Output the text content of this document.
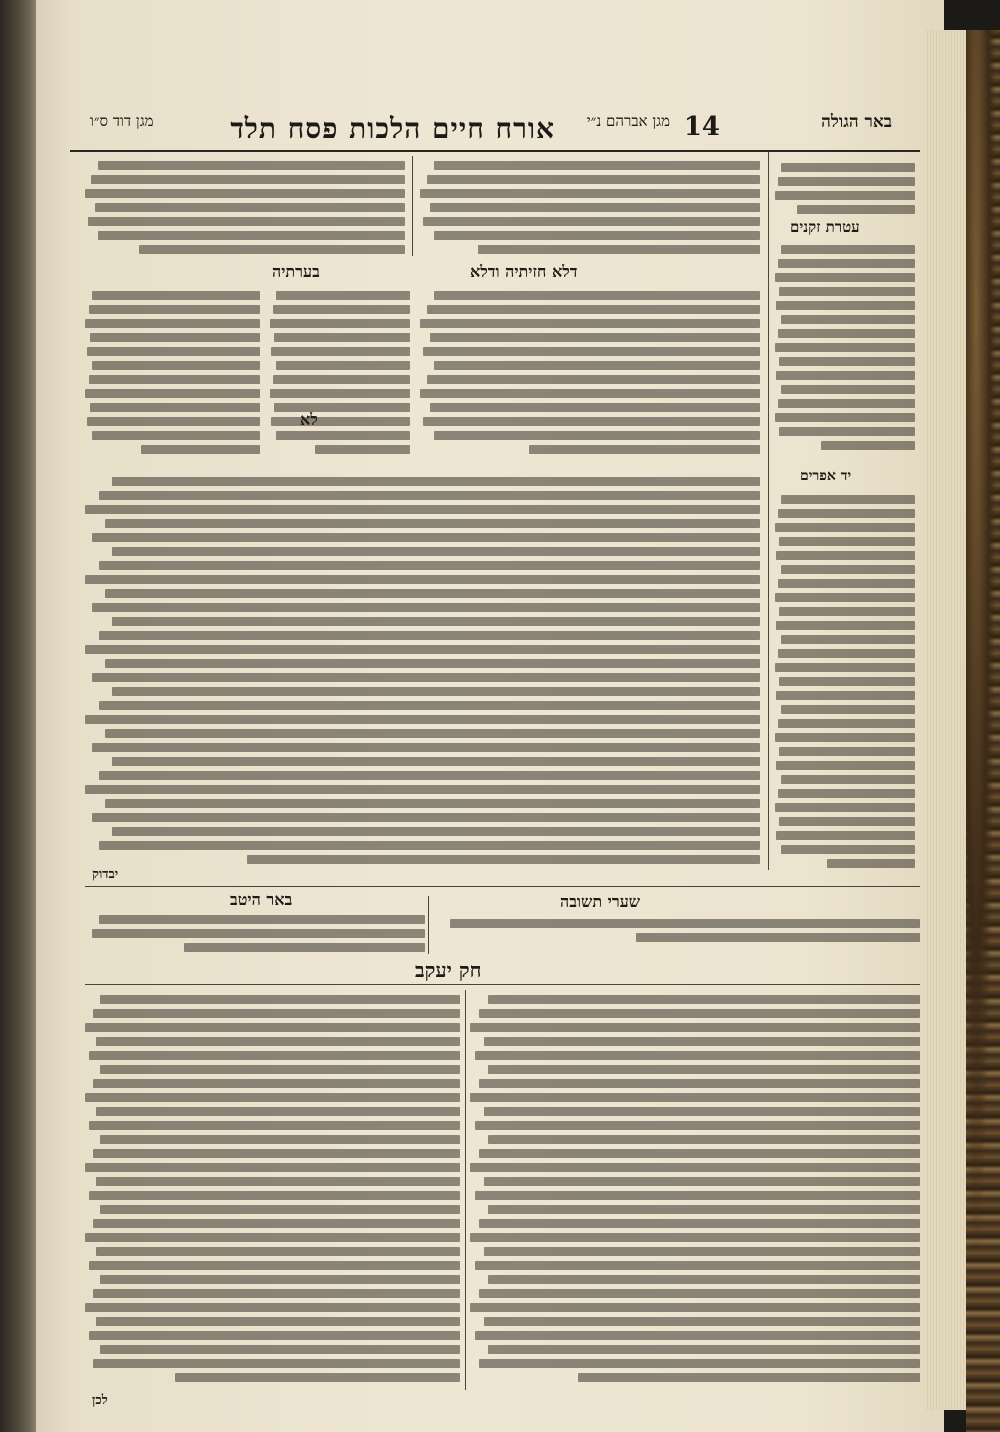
באר הגולה
14
מגן אברהם נ״י
אורח חיים הלכות פסח תלד
מגן דוד ס״ו
עטרת זקנים
יד אפרים
דלא חזיתיה ודלא
בערתיה
לא
יבדוק
שערי תשובה
באר היטב
חק יעקב
לכן
